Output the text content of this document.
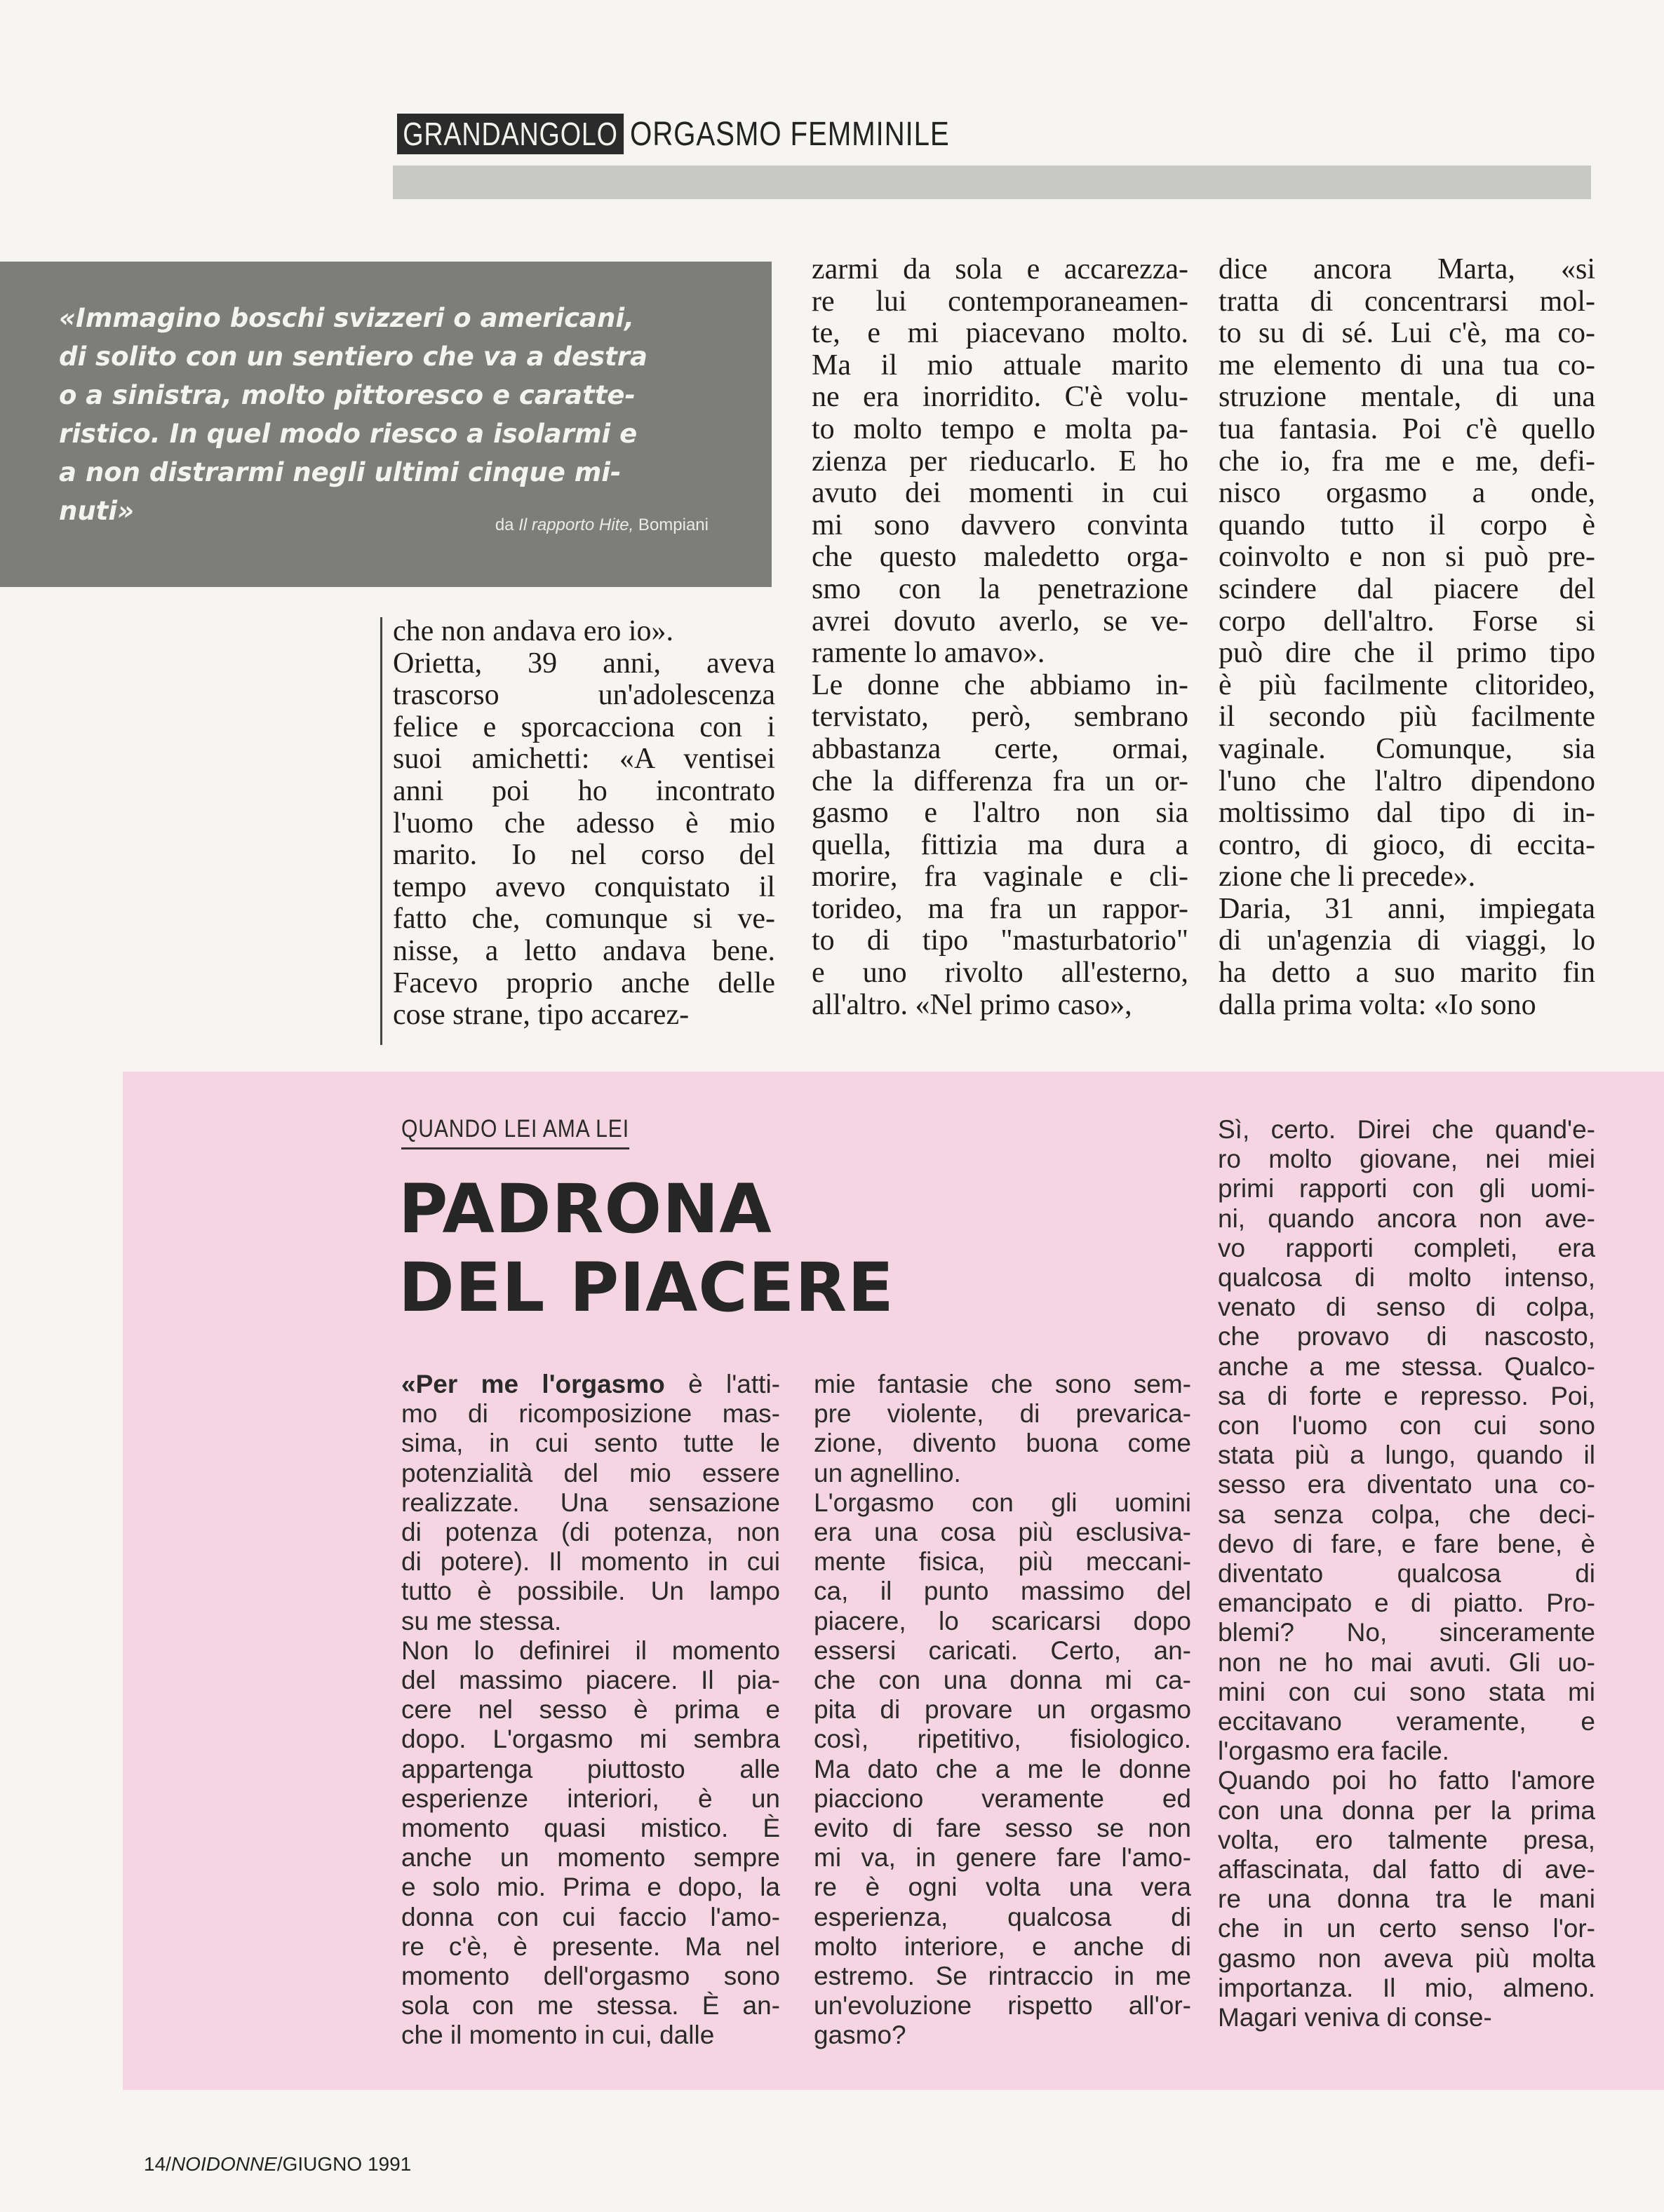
GRANDANGOLO ORGASMO FEMMINILE
«Immagino boschi svizzeri o americani,
di solito con un sentiero che va a destra
o a sinistra, molto pittoresco e caratte-
ristico. In quel modo riesco a isolarmi e
a non distrarmi negli ultimi cinque mi-
nuti»	da Il rapporto Hite, Bompiani

che non andava ero io».

Orietta, 39 anni, aveva

trascorso un'adolescenza

felice e sporcacciona con i

suoi amichetti: «A ventisei

anni poi ho incontrato

l'uomo che adesso è mio

marito. Io nel corso del

tempo avevo conquistato il

fatto che, comunque si ve-

nisse, a letto andava bene.

Facevo proprio anche delle

cose strane, tipo accarez-

zarmi da sola e accarezza-

re lui contemporaneamen-

te, e mi piacevano molto.

Ma il mio attuale marito

ne era inorridito. C'è volu-

to molto tempo e molta pa-

zienza per rieducarlo. E ho

avuto dei momenti in cui

mi sono davvero convinta

che questo maledetto orga-

smo con la penetrazione

avrei dovuto averlo, se ve-

ramente lo amavo».

Le donne che abbiamo in-

tervistato, però, sembrano

abbastanza certe, ormai,

che la differenza fra un or-

gasmo e l'altro non sia

quella, fittizia ma dura a

morire, fra vaginale e cli-

torideo, ma fra un rappor-

to di tipo "masturbatorio"

e uno rivolto all'esterno,

all'altro. «Nel primo caso»,

dice ancora Marta, «si

tratta di concentrarsi mol-

to su di sé. Lui c'è, ma co-

me elemento di una tua co-

struzione mentale, di una

tua fantasia. Poi c'è quello

che io, fra me e me, defi-

nisco orgasmo a onde,

quando tutto il corpo è

coinvolto e non si può pre-

scindere dal piacere del

corpo dell'altro. Forse si

può dire che il primo tipo

è più facilmente clitorideo,

il secondo più facilmente

vaginale. Comunque, sia

l'uno che l'altro dipendono

moltissimo dal tipo di in-

contro, di gioco, di eccita-

zione che li precede».

Daria, 31 anni, impiegata

di un'agenzia di viaggi, lo

ha detto a suo marito fin

dalla prima volta: «Io sono

QUANDO LEI AMA LEI
PADRONA
DEL PIACERE

«Per me l'orgasmo è l'atti-

mo di ricomposizione mas-

sima, in cui sento tutte le

potenzialità del mio essere

realizzate. Una sensazione

di potenza (di potenza, non

di potere). Il momento in cui

tutto è possibile. Un lampo

su me stessa.

Non lo definirei il momento

del massimo piacere. Il pia-

cere nel sesso è prima e

dopo. L'orgasmo mi sembra

appartenga piuttosto alle

esperienze interiori, è un

momento quasi mistico. È

anche un momento sempre

e solo mio. Prima e dopo, la

donna con cui faccio l'amo-

re c'è, è presente. Ma nel

momento dell'orgasmo sono

sola con me stessa. È an-

che il momento in cui, dalle

mie fantasie che sono sem-

pre violente, di prevarica-

zione, divento buona come

un agnellino.

L'orgasmo con gli uomini

era una cosa più esclusiva-

mente fisica, più meccani-

ca, il punto massimo del

piacere, lo scaricarsi dopo

essersi caricati. Certo, an-

che con una donna mi ca-

pita di provare un orgasmo

così, ripetitivo, fisiologico.

Ma dato che a me le donne

piacciono veramente ed

evito di fare sesso se non

mi va, in genere fare l'amo-

re è ogni volta una vera

esperienza, qualcosa di

molto interiore, e anche di

estremo. Se rintraccio in me

un'evoluzione rispetto all'or-

gasmo?

Sì, certo. Direi che quand'e-

ro molto giovane, nei miei

primi rapporti con gli uomi-

ni, quando ancora non ave-

vo rapporti completi, era

qualcosa di molto intenso,

venato di senso di colpa,

che provavo di nascosto,

anche a me stessa. Qualco-

sa di forte e represso. Poi,

con l'uomo con cui sono

stata più a lungo, quando il

sesso era diventato una co-

sa senza colpa, che deci-

devo di fare, e fare bene, è

diventato qualcosa di

emancipato e di piatto. Pro-

blemi? No, sinceramente

non ne ho mai avuti. Gli uo-

mini con cui sono stata mi

eccitavano veramente, e

l'orgasmo era facile.

Quando poi ho fatto l'amore

con una donna per la prima

volta, ero talmente presa,

affascinata, dal fatto di ave-

re una donna tra le mani

che in un certo senso l'or-

gasmo non aveva più molta

importanza. Il mio, almeno.

Magari veniva di conse-

14/NOIDONNE/GIUGNO 1991
